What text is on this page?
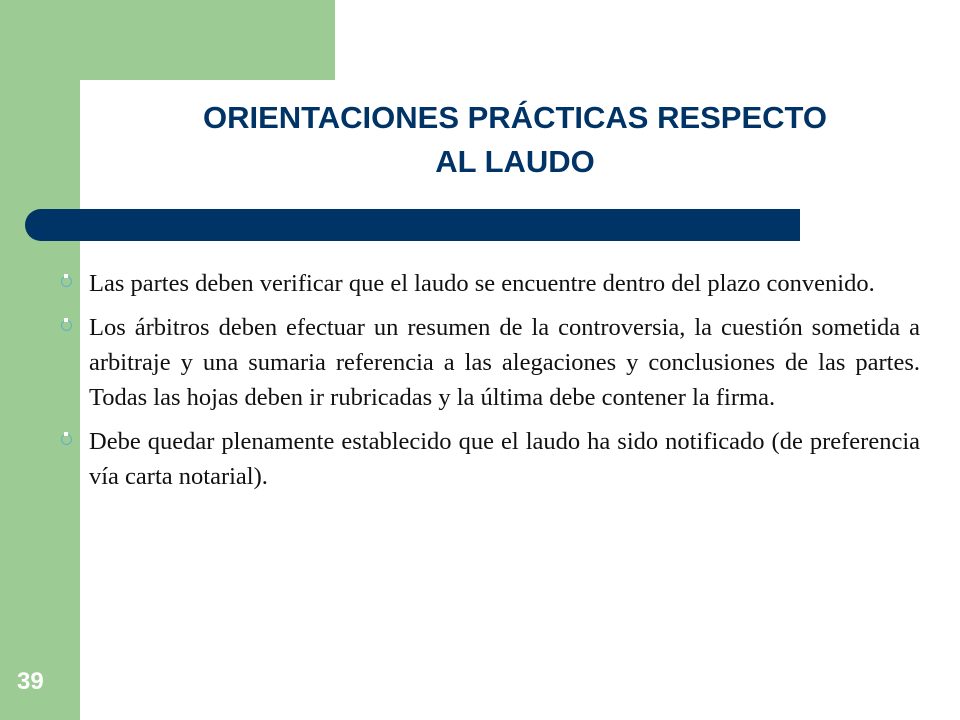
ORIENTACIONES PRÁCTICAS RESPECTO
AL LAUDO
Las partes deben verificar que el laudo se encuentre dentro del plazo convenido.
Los árbitros deben efectuar un resumen de la controversia, la cuestión sometida a arbitraje y una sumaria referencia a las alegaciones y conclusiones de las partes. Todas las hojas deben ir rubricadas y la última debe contener la firma.
Debe quedar plenamente establecido que el laudo ha sido notificado (de preferencia vía carta notarial).
39
